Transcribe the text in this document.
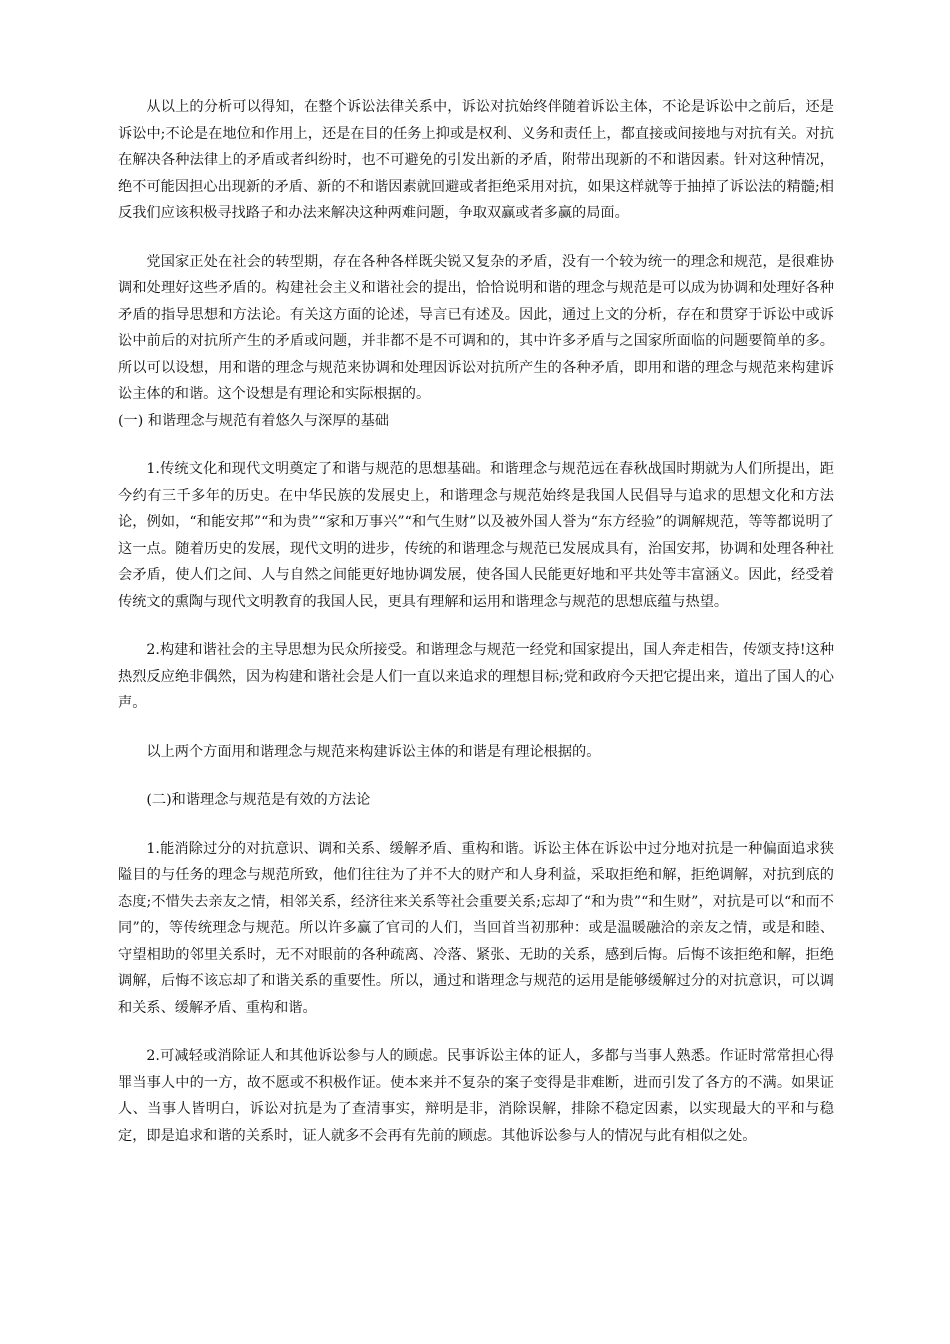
从以上的分析可以得知，在整个诉讼法律关系中，诉讼对抗始终伴随着诉讼主体，不论是诉讼中之前后，还是诉讼中;不论是在地位和作用上，还是在目的任务上抑或是权利、义务和责任上，都直接或间接地与对抗有关。对抗在解决各种法律上的矛盾或者纠纷时，也不可避免的引发出新的矛盾，附带出现新的不和谐因素。针对这种情况，绝不可能因担心出现新的矛盾、新的不和谐因素就回避或者拒绝采用对抗，如果这样就等于抽掉了诉讼法的精髓;相反我们应该积极寻找路子和办法来解决这种两难问题，争取双赢或者多赢的局面。

党国家正处在社会的转型期，存在各种各样既尖锐又复杂的矛盾，没有一个较为统一的理念和规范，是很难协调和处理好这些矛盾的。构建社会主义和谐社会的提出，恰恰说明和谐的理念与规范是可以成为协调和处理好各种矛盾的指导思想和方法论。有关这方面的论述，导言已有述及。因此，通过上文的分析，存在和贯穿于诉讼中或诉讼中前后的对抗所产生的矛盾或问题，并非都不是不可调和的，其中许多矛盾与之国家所面临的问题要简单的多。所以可以设想，用和谐的理念与规范来协调和处理因诉讼对抗所产生的各种矛盾，即用和谐的理念与规范来构建诉讼主体的和谐。这个设想是有理论和实际根据的。

(一) 和谐理念与规范有着悠久与深厚的基础

1.传统文化和现代文明奠定了和谐与规范的思想基础。和谐理念与规范远在春秋战国时期就为人们所提出，距今约有三千多年的历史。在中华民族的发展史上，和谐理念与规范始终是我国人民倡导与追求的思想文化和方法论，例如，“和能安邦”“和为贵”“家和万事兴”“和气生财”以及被外国人誉为“东方经验”的调解规范，等等都说明了这一点。随着历史的发展，现代文明的进步，传统的和谐理念与规范已发展成具有，治国安邦，协调和处理各种社会矛盾，使人们之间、人与自然之间能更好地协调发展，使各国人民能更好地和平共处等丰富涵义。因此，经受着传统文的熏陶与现代文明教育的我国人民，更具有理解和运用和谐理念与规范的思想底蕴与热望。

2.构建和谐社会的主导思想为民众所接受。和谐理念与规范一经党和国家提出，国人奔走相告，传颂支持!这种热烈反应绝非偶然，因为构建和谐社会是人们一直以来追求的理想目标;党和政府今天把它提出来，道出了国人的心声。

以上两个方面用和谐理念与规范来构建诉讼主体的和谐是有理论根据的。

(二)和谐理念与规范是有效的方法论

1.能消除过分的对抗意识、调和关系、缓解矛盾、重构和谐。诉讼主体在诉讼中过分地对抗是一种偏面追求狭隘目的与任务的理念与规范所致，他们往往为了并不大的财产和人身利益，采取拒绝和解，拒绝调解，对抗到底的态度;不惜失去亲友之情，相邻关系，经济往来关系等社会重要关系;忘却了“和为贵”“和生财”，对抗是可以“和而不同”的，等传统理念与规范。所以许多赢了官司的人们，当回首当初那种：或是温暖融洽的亲友之情，或是和睦、守望相助的邻里关系时，无不对眼前的各种疏离、冷落、紧张、无助的关系，感到后悔。后悔不该拒绝和解，拒绝调解，后悔不该忘却了和谐关系的重要性。所以，通过和谐理念与规范的运用是能够缓解过分的对抗意识，可以调和关系、缓解矛盾、重构和谐。

2.可减轻或消除证人和其他诉讼参与人的顾虑。民事诉讼主体的证人，多都与当事人熟悉。作证时常常担心得罪当事人中的一方，故不愿或不积极作证。使本来并不复杂的案子变得是非难断，进而引发了各方的不满。如果证人、当事人皆明白，诉讼对抗是为了查清事实，辩明是非，消除误解，排除不稳定因素，以实现最大的平和与稳定，即是追求和谐的关系时，证人就多不会再有先前的顾虑。其他诉讼参与人的情况与此有相似之处。
